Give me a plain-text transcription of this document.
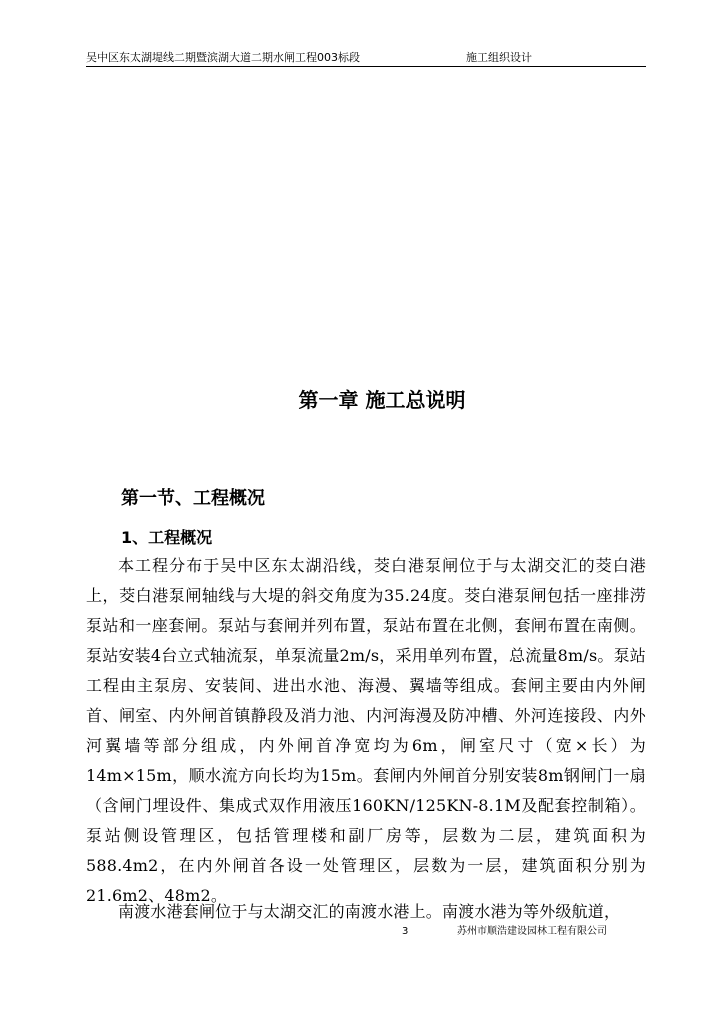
吴中区东太湖堤线二期暨滨湖大道二期水闸工程003标段	施工组织设计
第一章 施工总说明
第一节、工程概况
1、工程概况
本工程分布于吴中区东太湖沿线，茭白港泵闸位于与太湖交汇的茭白港上，茭白港泵闸轴线与大堤的斜交角度为35.24度。茭白港泵闸包括一座排涝泵站和一座套闸。泵站与套闸并列布置，泵站布置在北侧，套闸布置在南侧。泵站安装4台立式轴流泵，单泵流量2m/s，采用单列布置，总流量8m/s。泵站工程由主泵房、安装间、进出水池、海漫、翼墙等组成。套闸主要由内外闸首、闸室、内外闸首镇静段及消力池、内河海漫及防冲槽、外河连接段、内外河翼墙等部分组成，内外闸首净宽均为6m，闸室尺寸（宽×长）为14m×15m，顺水流方向长均为15m。套闸内外闸首分别安装8m钢闸门一扇（含闸门埋设件、集成式双作用液压160KN/125KN-8.1M及配套控制箱）。泵站侧设管理区，包括管理楼和副厂房等，层数为二层，建筑面积为588.4m2，在内外闸首各设一处管理区，层数为一层，建筑面积分别为21.6m2、48m2。
南渡水港套闸位于与太湖交汇的南渡水港上。南渡水港为等外级航道，
3	苏州市顺浩建设园林工程有限公司
